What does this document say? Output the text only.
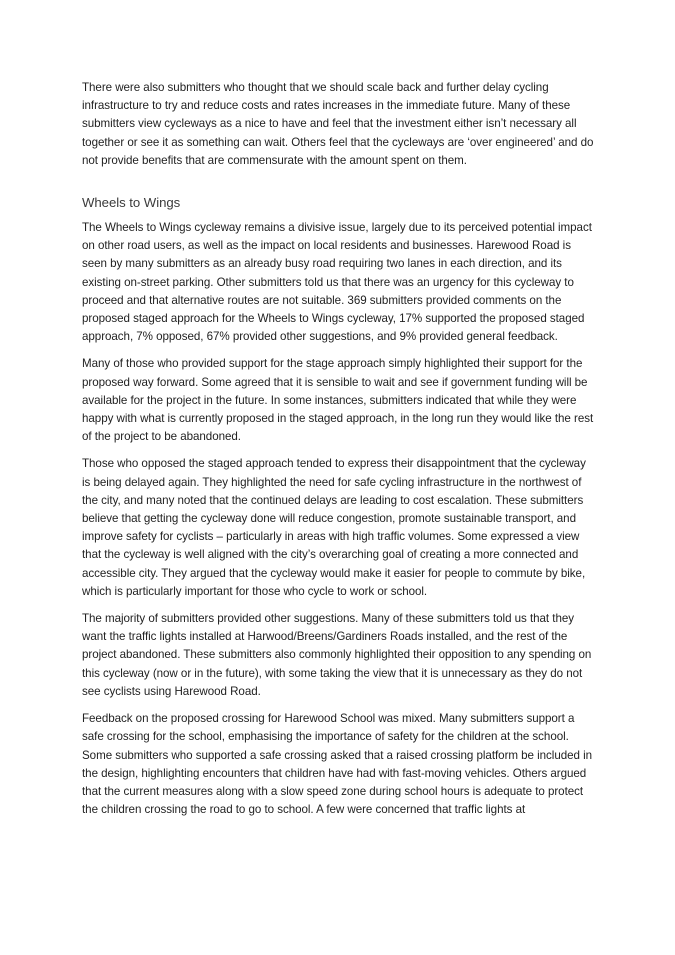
There were also submitters who thought that we should scale back and further delay cycling infrastructure to try and reduce costs and rates increases in the immediate future. Many of these submitters view cycleways as a nice to have and feel that the investment either isn’t necessary all together or see it as something can wait. Others feel that the cycleways are ‘over engineered’ and do not provide benefits that are commensurate with the amount spent on them.

Wheels to Wings

The Wheels to Wings cycleway remains a divisive issue, largely due to its perceived potential impact on other road users, as well as the impact on local residents and businesses. Harewood Road is seen by many submitters as an already busy road requiring two lanes in each direction, and its existing on-street parking. Other submitters told us that there was an urgency for this cycleway to proceed and that alternative routes are not suitable. 369 submitters provided comments on the proposed staged approach for the Wheels to Wings cycleway, 17% supported the proposed staged approach, 7% opposed, 67% provided other suggestions, and 9% provided general feedback.

Many of those who provided support for the stage approach simply highlighted their support for the proposed way forward. Some agreed that it is sensible to wait and see if government funding will be available for the project in the future. In some instances, submitters indicated that while they were happy with what is currently proposed in the staged approach, in the long run they would like the rest of the project to be abandoned.

Those who opposed the staged approach tended to express their disappointment that the cycleway is being delayed again. They highlighted the need for safe cycling infrastructure in the northwest of the city, and many noted that the continued delays are leading to cost escalation. These submitters believe that getting the cycleway done will reduce congestion, promote sustainable transport, and improve safety for cyclists – particularly in areas with high traffic volumes. Some expressed a view that the cycleway is well aligned with the city’s overarching goal of creating a more connected and accessible city. They argued that the cycleway would make it easier for people to commute by bike, which is particularly important for those who cycle to work or school.

The majority of submitters provided other suggestions. Many of these submitters told us that they want the traffic lights installed at Harwood/Breens/Gardiners Roads installed, and the rest of the project abandoned. These submitters also commonly highlighted their opposition to any spending on this cycleway (now or in the future), with some taking the view that it is unnecessary as they do not see cyclists using Harewood Road.

Feedback on the proposed crossing for Harewood School was mixed. Many submitters support a safe crossing for the school, emphasising the importance of safety for the children at the school. Some submitters who supported a safe crossing asked that a raised crossing platform be included in the design, highlighting encounters that children have had with fast-moving vehicles. Others argued that the current measures along with a slow speed zone during school hours is adequate to protect the children crossing the road to go to school. A few were concerned that traffic lights at
